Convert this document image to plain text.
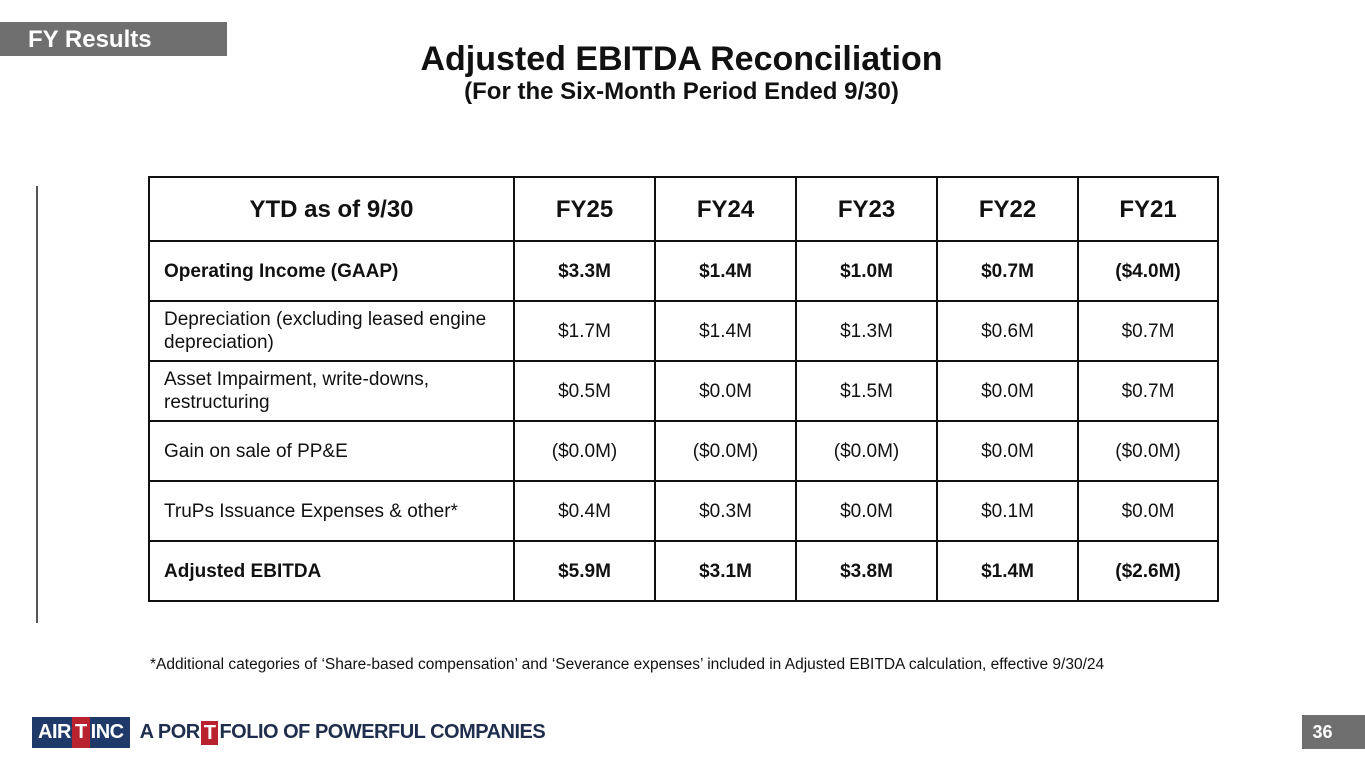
FY Results
Adjusted EBITDA Reconciliation
(For the Six-Month Period Ended 9/30)
YTD as of 9/30	FY25	FY24	FY23	FY22	FY21
Operating Income (GAAP)	$3.3M	$1.4M	$1.0M	$0.7M	($4.0M)
Depreciation (excluding leased engine depreciation)	$1.7M	$1.4M	$1.3M	$0.6M	$0.7M
Asset Impairment, write-downs, restructuring	$0.5M	$0.0M	$1.5M	$0.0M	$0.7M
Gain on sale of PP&E	($0.0M)	($0.0M)	($0.0M)	$0.0M	($0.0M)
TruPs Issuance Expenses & other*	$0.4M	$0.3M	$0.0M	$0.1M	$0.0M
Adjusted EBITDA	$5.9M	$3.1M	$3.8M	$1.4M	($2.6M)
*Additional categories of ‘Share-based compensation’ and ‘Severance expenses’ included in Adjusted EBITDA calculation, effective 9/30/24
AIR T INC A POR T FOLIO OF POWERFUL COMPANIES	36
